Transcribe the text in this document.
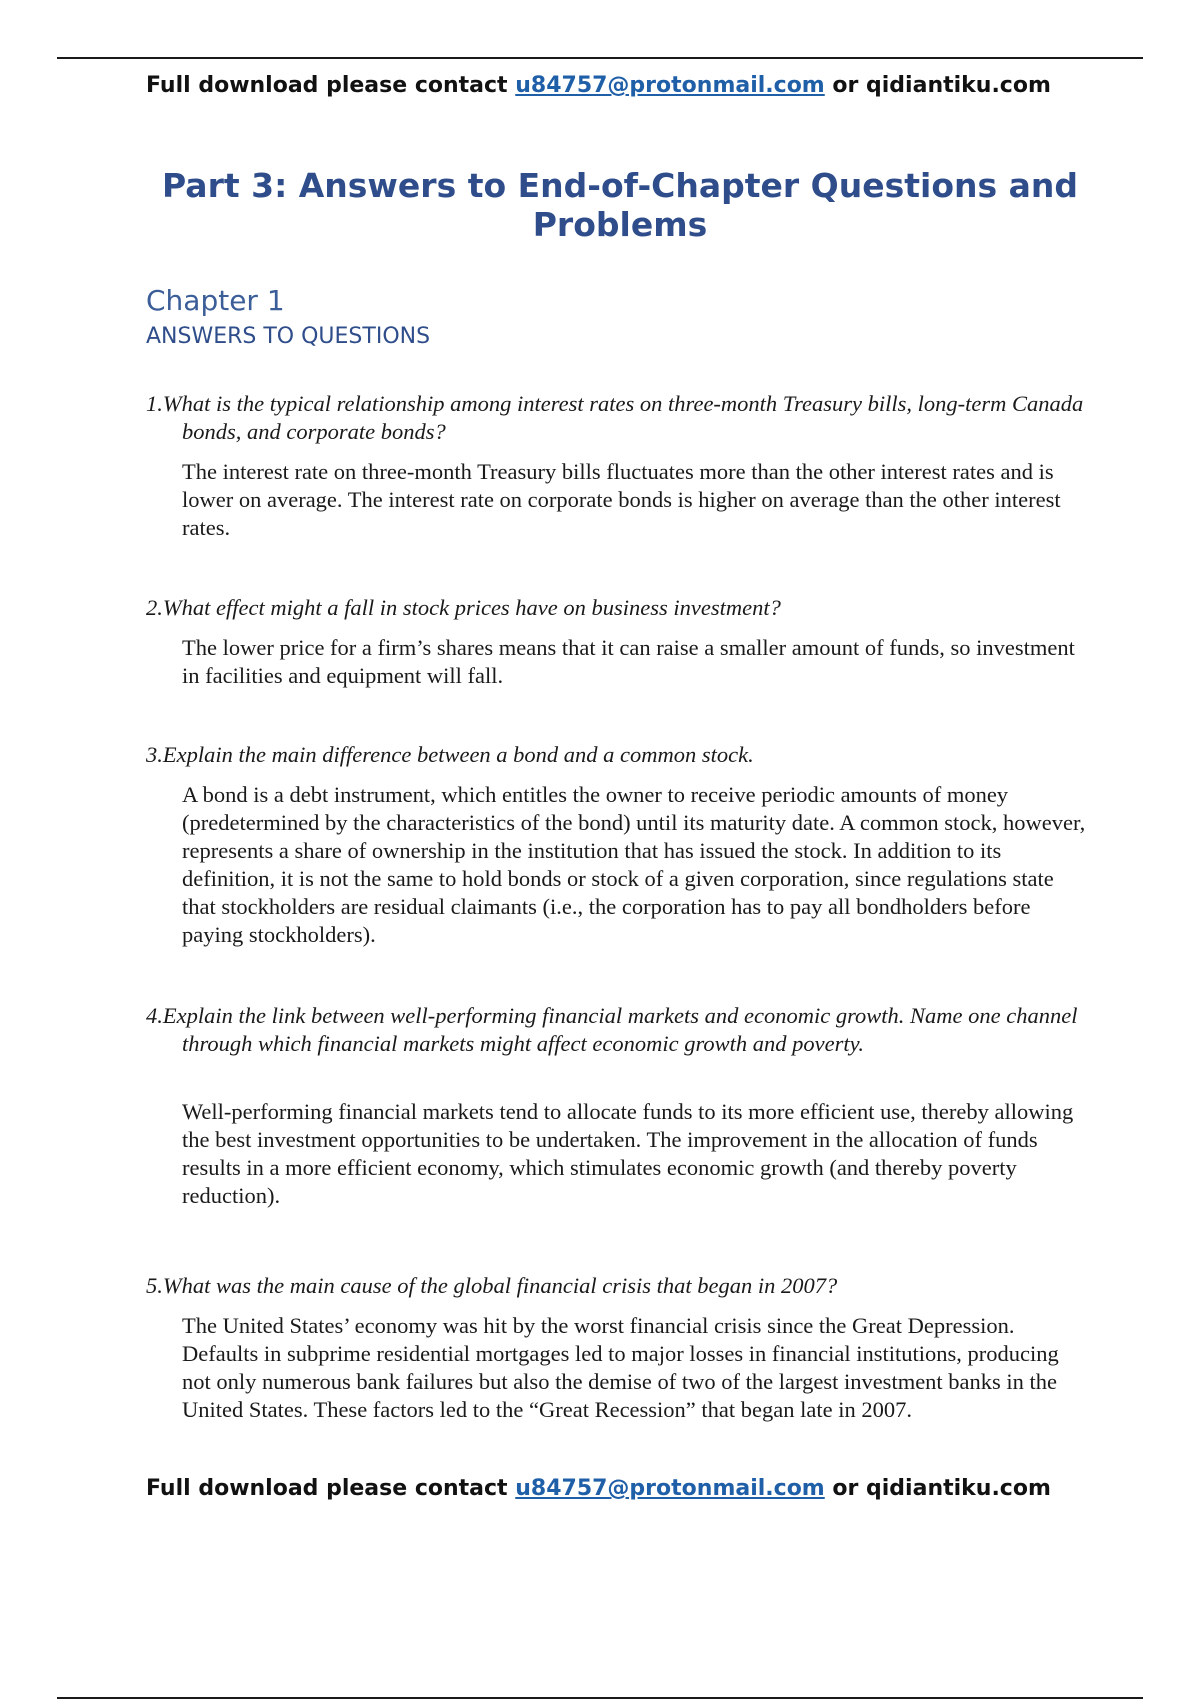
Full download please contact u84757@protonmail.com or qidiantiku.com
Part 3: Answers to End-of-Chapter Questions and Problems
Chapter 1
ANSWERS TO QUESTIONS

1.What is the typical relationship among interest rates on three-month Treasury bills, long-term Canada bonds, and corporate bonds?

The interest rate on three-month Treasury bills fluctuates more than the other interest rates and is lower on average. The interest rate on corporate bonds is higher on average than the other interest rates.

2.What effect might a fall in stock prices have on business investment?

The lower price for a firm’s shares means that it can raise a smaller amount of funds, so investment in facilities and equipment will fall.

3.Explain the main difference between a bond and a common stock.

A bond is a debt instrument, which entitles the owner to receive periodic amounts of money (predetermined by the characteristics of the bond) until its maturity date. A common stock, however, represents a share of ownership in the institution that has issued the stock. In addition to its definition, it is not the same to hold bonds or stock of a given corporation, since regulations state that stockholders are residual claimants (i.e., the corporation has to pay all bondholders before paying stockholders).

4.Explain the link between well-performing financial markets and economic growth. Name one channel through which financial markets might affect economic growth and poverty.

Well-performing financial markets tend to allocate funds to its more efficient use, thereby allowing the best investment opportunities to be undertaken. The improvement in the allocation of funds results in a more efficient economy, which stimulates economic growth (and thereby poverty reduction).

5.What was the main cause of the global financial crisis that began in 2007?

The United States’ economy was hit by the worst financial crisis since the Great Depression. Defaults in subprime residential mortgages led to major losses in financial institutions, producing not only numerous bank failures but also the demise of two of the largest investment banks in the United States. These factors led to the “Great Recession” that began late in 2007.

Full download please contact u84757@protonmail.com or qidiantiku.com
